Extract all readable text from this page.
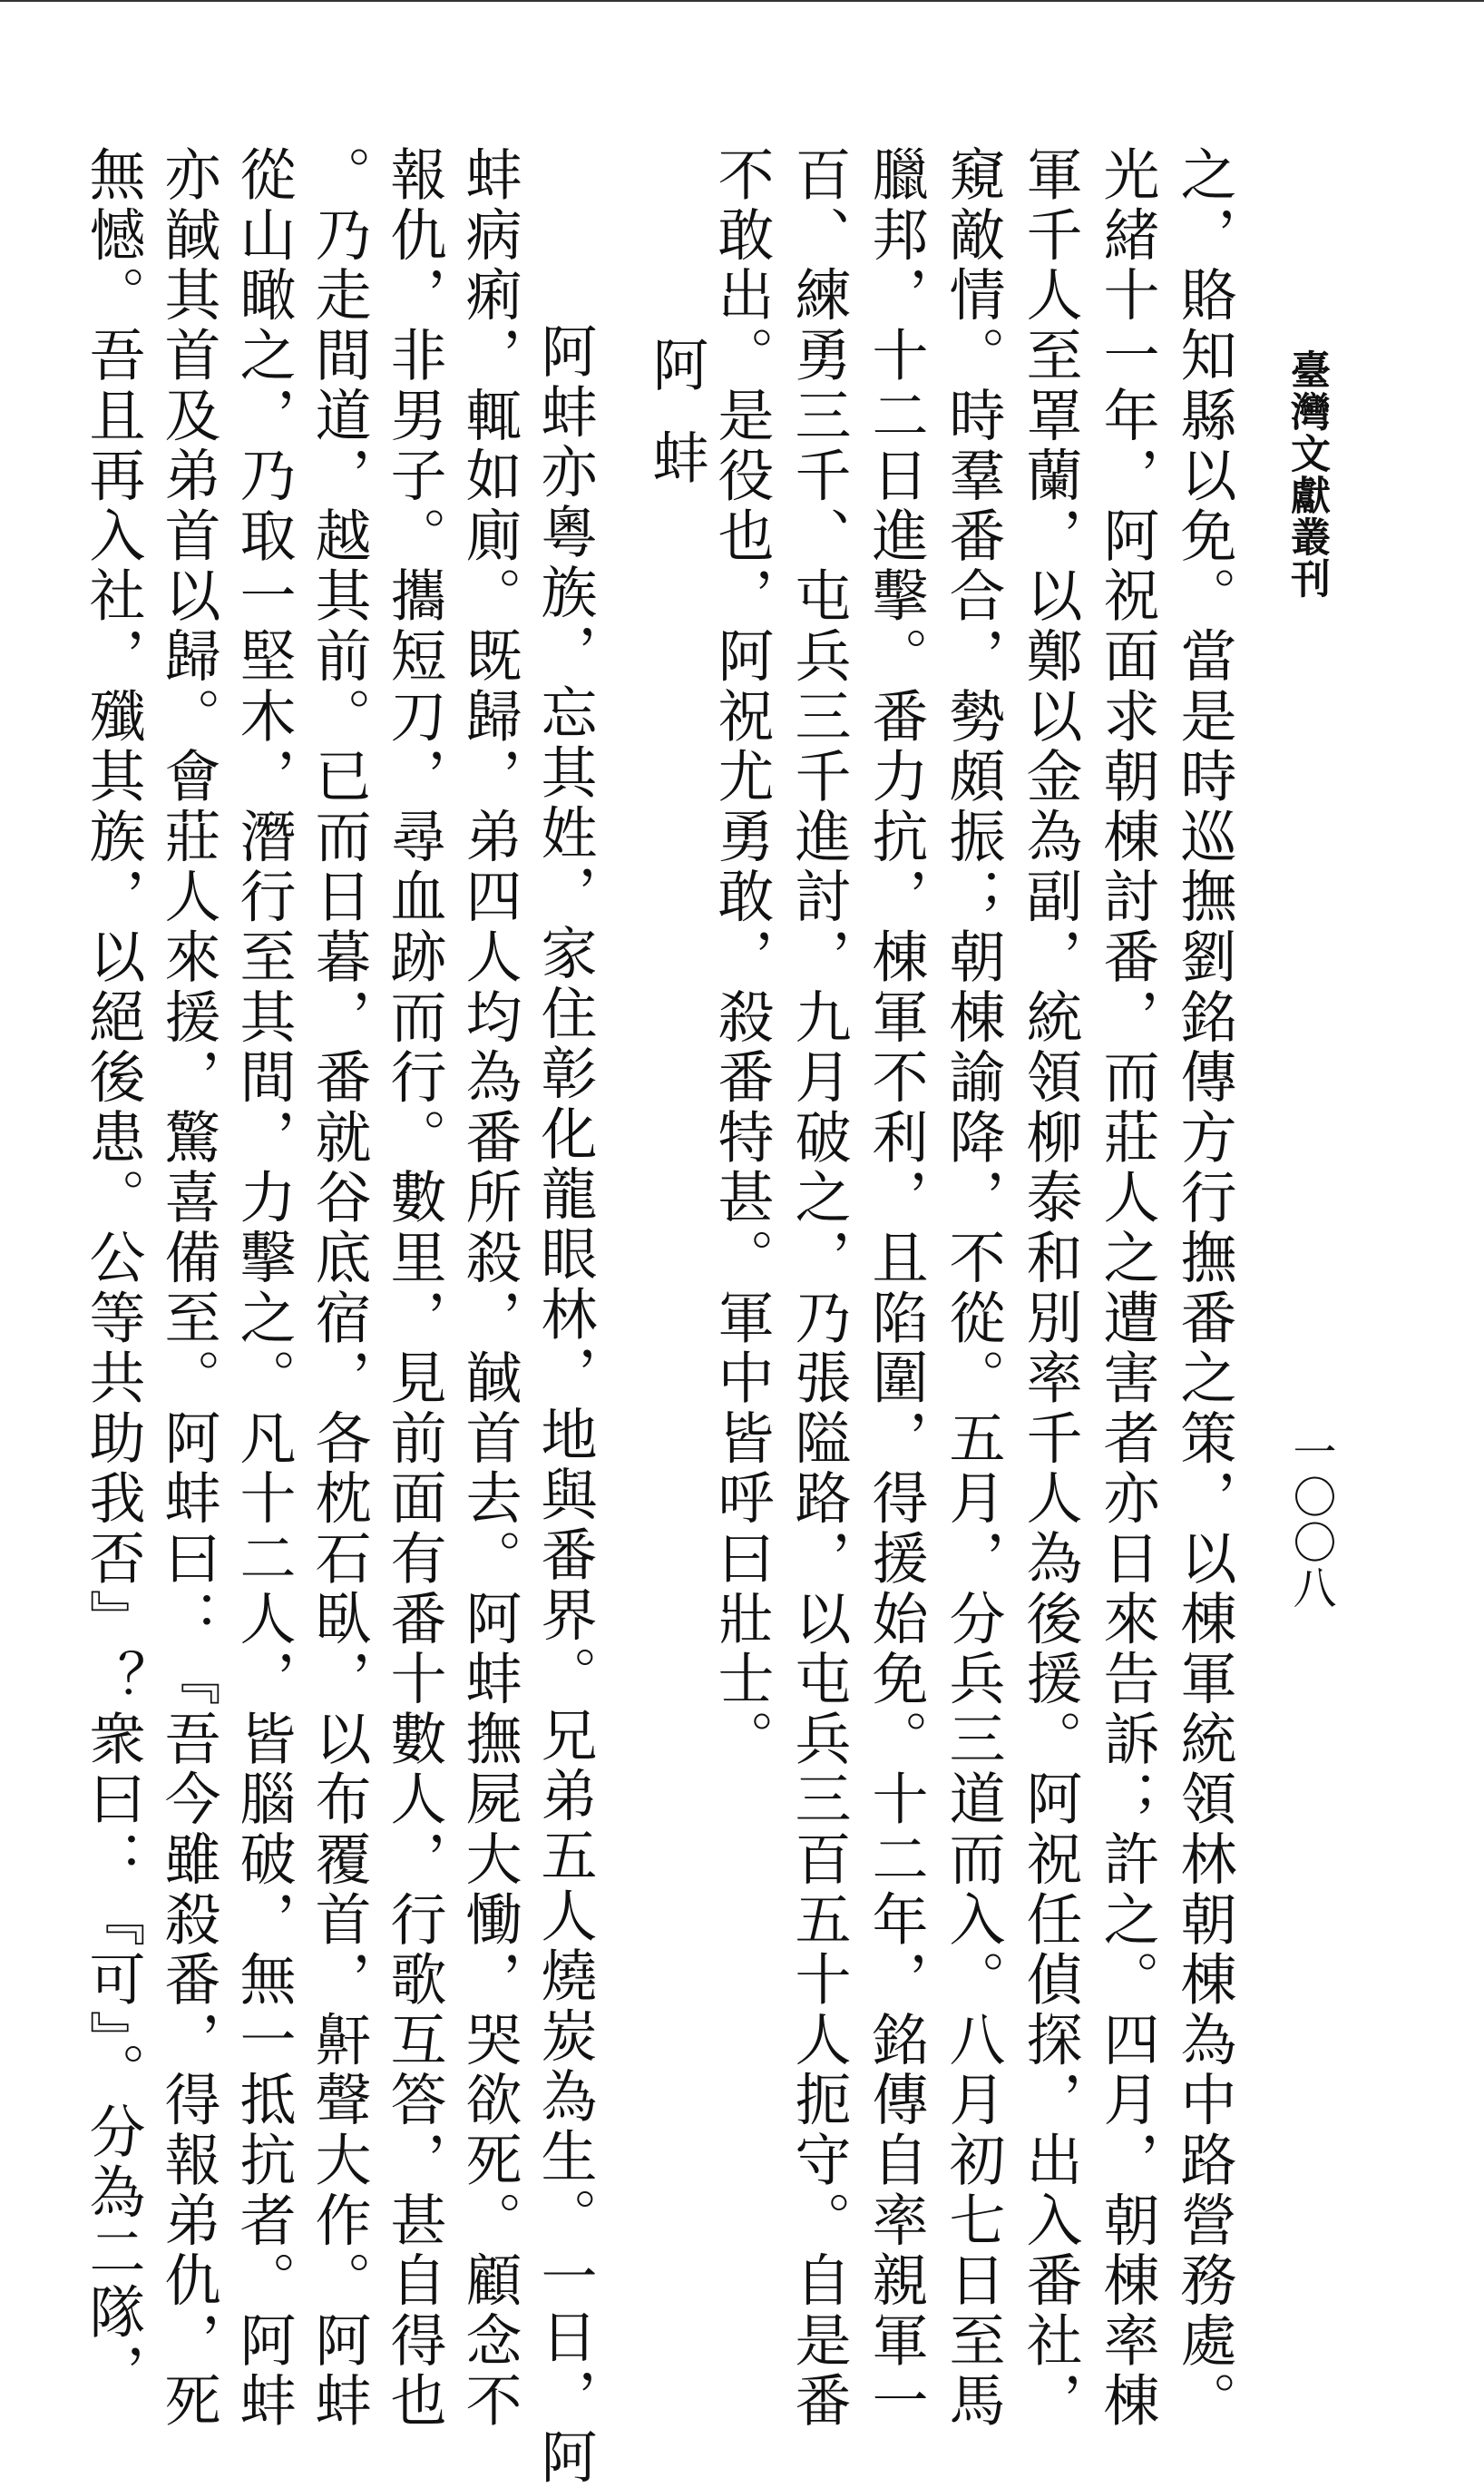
臺灣文獻叢刊
一〇〇八
之，賂知縣以免。當是時巡撫劉銘傳方行撫番之策，以棟軍統領林朝棟為中路營務處。
光緒十一年，阿祝面求朝棟討番，而莊人之遭害者亦日來告訴；許之。四月，朝棟率棟
軍千人至罩蘭，以鄭以金為副，統領柳泰和別率千人為後援。阿祝任偵探，出入番社，
窺敵情。時羣番合，勢頗振；朝棟諭降，不從。五月，分兵三道而入。八月初七日至馬
臘邦，十二日進擊。番力抗，棟軍不利，且陷圍，得援始免。十二年，銘傳自率親軍一
百、練勇三千、屯兵三千進討，九月破之，乃張隘路，以屯兵三百五十人扼守。自是番
不敢出。是役也，阿祝尤勇敢，殺番特甚。軍中皆呼曰壯士。
阿蚌
阿蚌亦粵族，忘其姓，家住彰化龍眼林，地與番界。兄弟五人燒炭為生。一日，阿
蚌病痢，輒如廁。既歸，弟四人均為番所殺，馘首去。阿蚌撫屍大慟，哭欲死。顧念不
報仇，非男子。攜短刀，尋血跡而行。數里，見前面有番十數人，行歌互答，甚自得也
。乃走間道，越其前。已而日暮，番就谷底宿，各枕石臥，以布覆首，鼾聲大作。阿蚌
從山瞰之，乃取一堅木，潛行至其間，力擊之。凡十二人，皆腦破，無一抵抗者。阿蚌
亦馘其首及弟首以歸。會莊人來援，驚喜備至。阿蚌曰：『吾今雖殺番，得報弟仇，死
無憾。吾且再入社，殲其族，以絕後患。公等共助我否』？衆曰：『可』。分為二隊，
